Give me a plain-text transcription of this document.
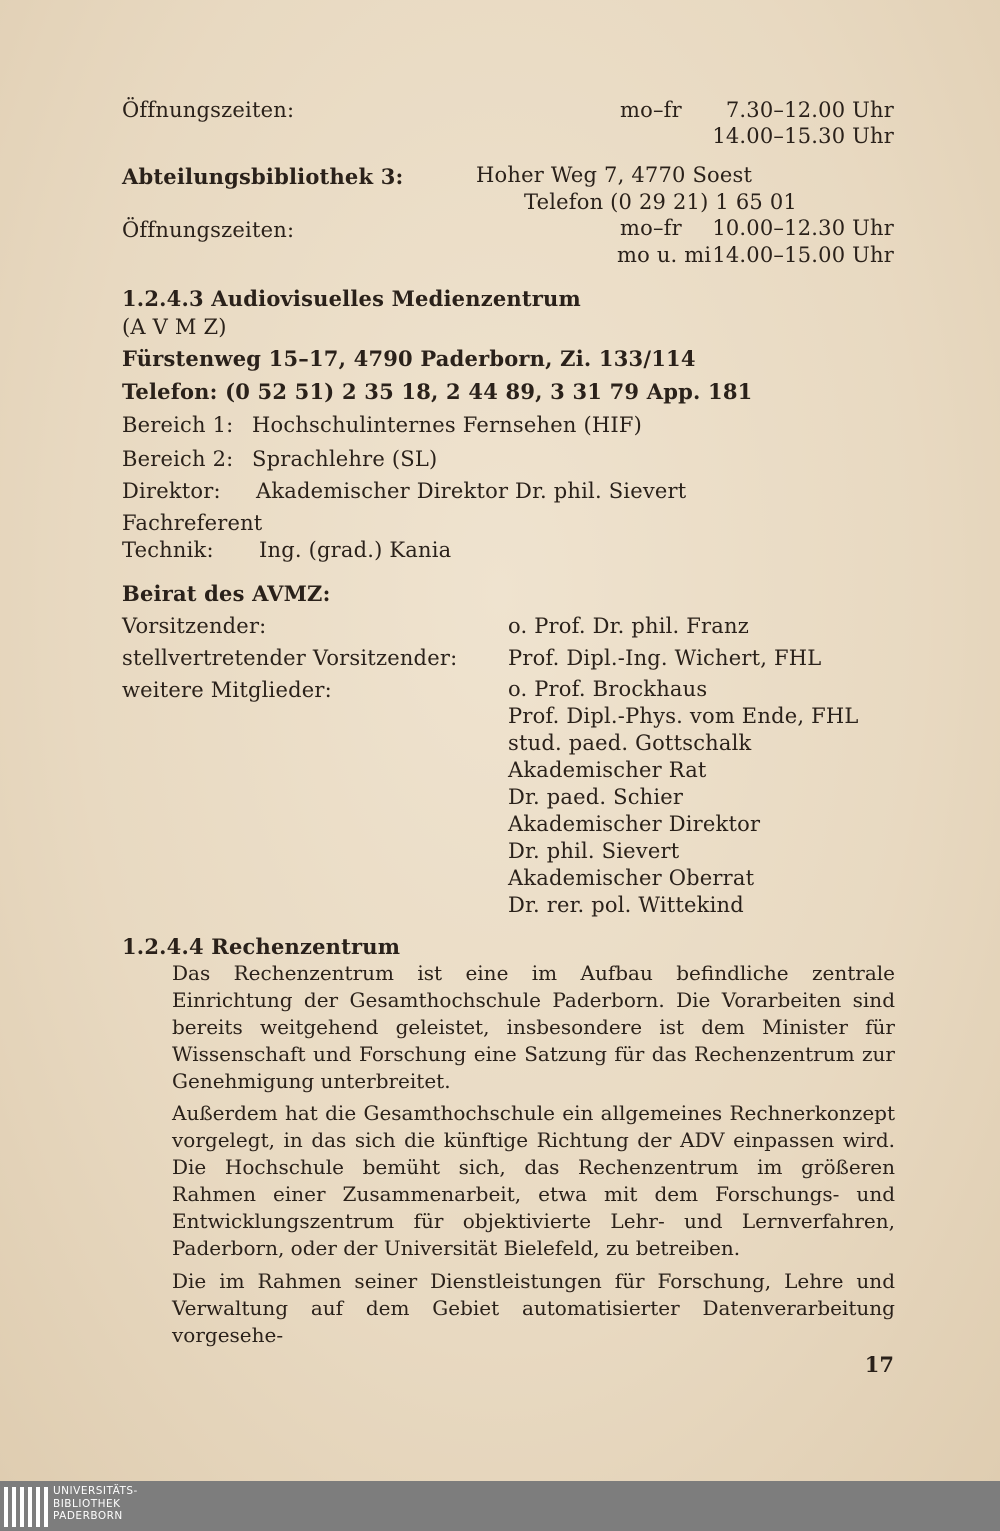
Öffnungszeiten:	mo–fr	7.30–12.00 Uhr
14.00–15.30 Uhr
Abteilungsbibliothek 3:	Hoher Weg 7, 4770 Soest
Telefon (0 29 21) 1 65 01
Öffnungszeiten:	mo–fr	10.00–12.30 Uhr
mo u. mi 14.00–15.00 Uhr
1.2.4.3 Audiovisuelles Medienzentrum
(A V M Z)
Fürstenweg 15–17, 4790 Paderborn, Zi. 133/114
Telefon: (0 52 51) 2 35 18, 2 44 89, 3 31 79 App. 181
Bereich 1: Hochschulinternes Fernsehen (HIF)
Bereich 2: Sprachlehre (SL)
Direktor: Akademischer Direktor Dr. phil. Sievert
Fachreferent
Technik: Ing. (grad.) Kania
Beirat des AVMZ:
Vorsitzender:	o. Prof. Dr. phil. Franz
stellvertretender Vorsitzender: Prof. Dipl.-Ing. Wichert, FHL
weitere Mitglieder:	o. Prof. Brockhaus
Prof. Dipl.-Phys. vom Ende, FHL
stud. paed. Gottschalk
Akademischer Rat
Dr. paed. Schier
Akademischer Direktor
Dr. phil. Sievert
Akademischer Oberrat
Dr. rer. pol. Wittekind
1.2.4.4 Rechenzentrum
Das Rechenzentrum ist eine im Aufbau befindliche zentrale Einrichtung der Gesamthochschule Paderborn. Die Vorarbeiten sind bereits weitgehend geleistet, insbesondere ist dem Minister für Wissenschaft und Forschung eine Satzung für das Rechenzentrum zur Genehmigung unterbreitet.
Außerdem hat die Gesamthochschule ein allgemeines Rechnerkonzept vorgelegt, in das sich die künftige Richtung der ADV einpassen wird. Die Hochschule bemüht sich, das Rechenzentrum im größeren Rahmen einer Zusammenarbeit, etwa mit dem Forschungs- und Entwicklungszentrum für objektivierte Lehr- und Lernverfahren, Paderborn, oder der Universität Bielefeld, zu betreiben.
Die im Rahmen seiner Dienstleistungen für Forschung, Lehre und Verwaltung auf dem Gebiet automatisierter Datenverarbeitung vorgesehe-
17
UNIVERSITÄTS-
BIBLIOTHEK
PADERBORN
